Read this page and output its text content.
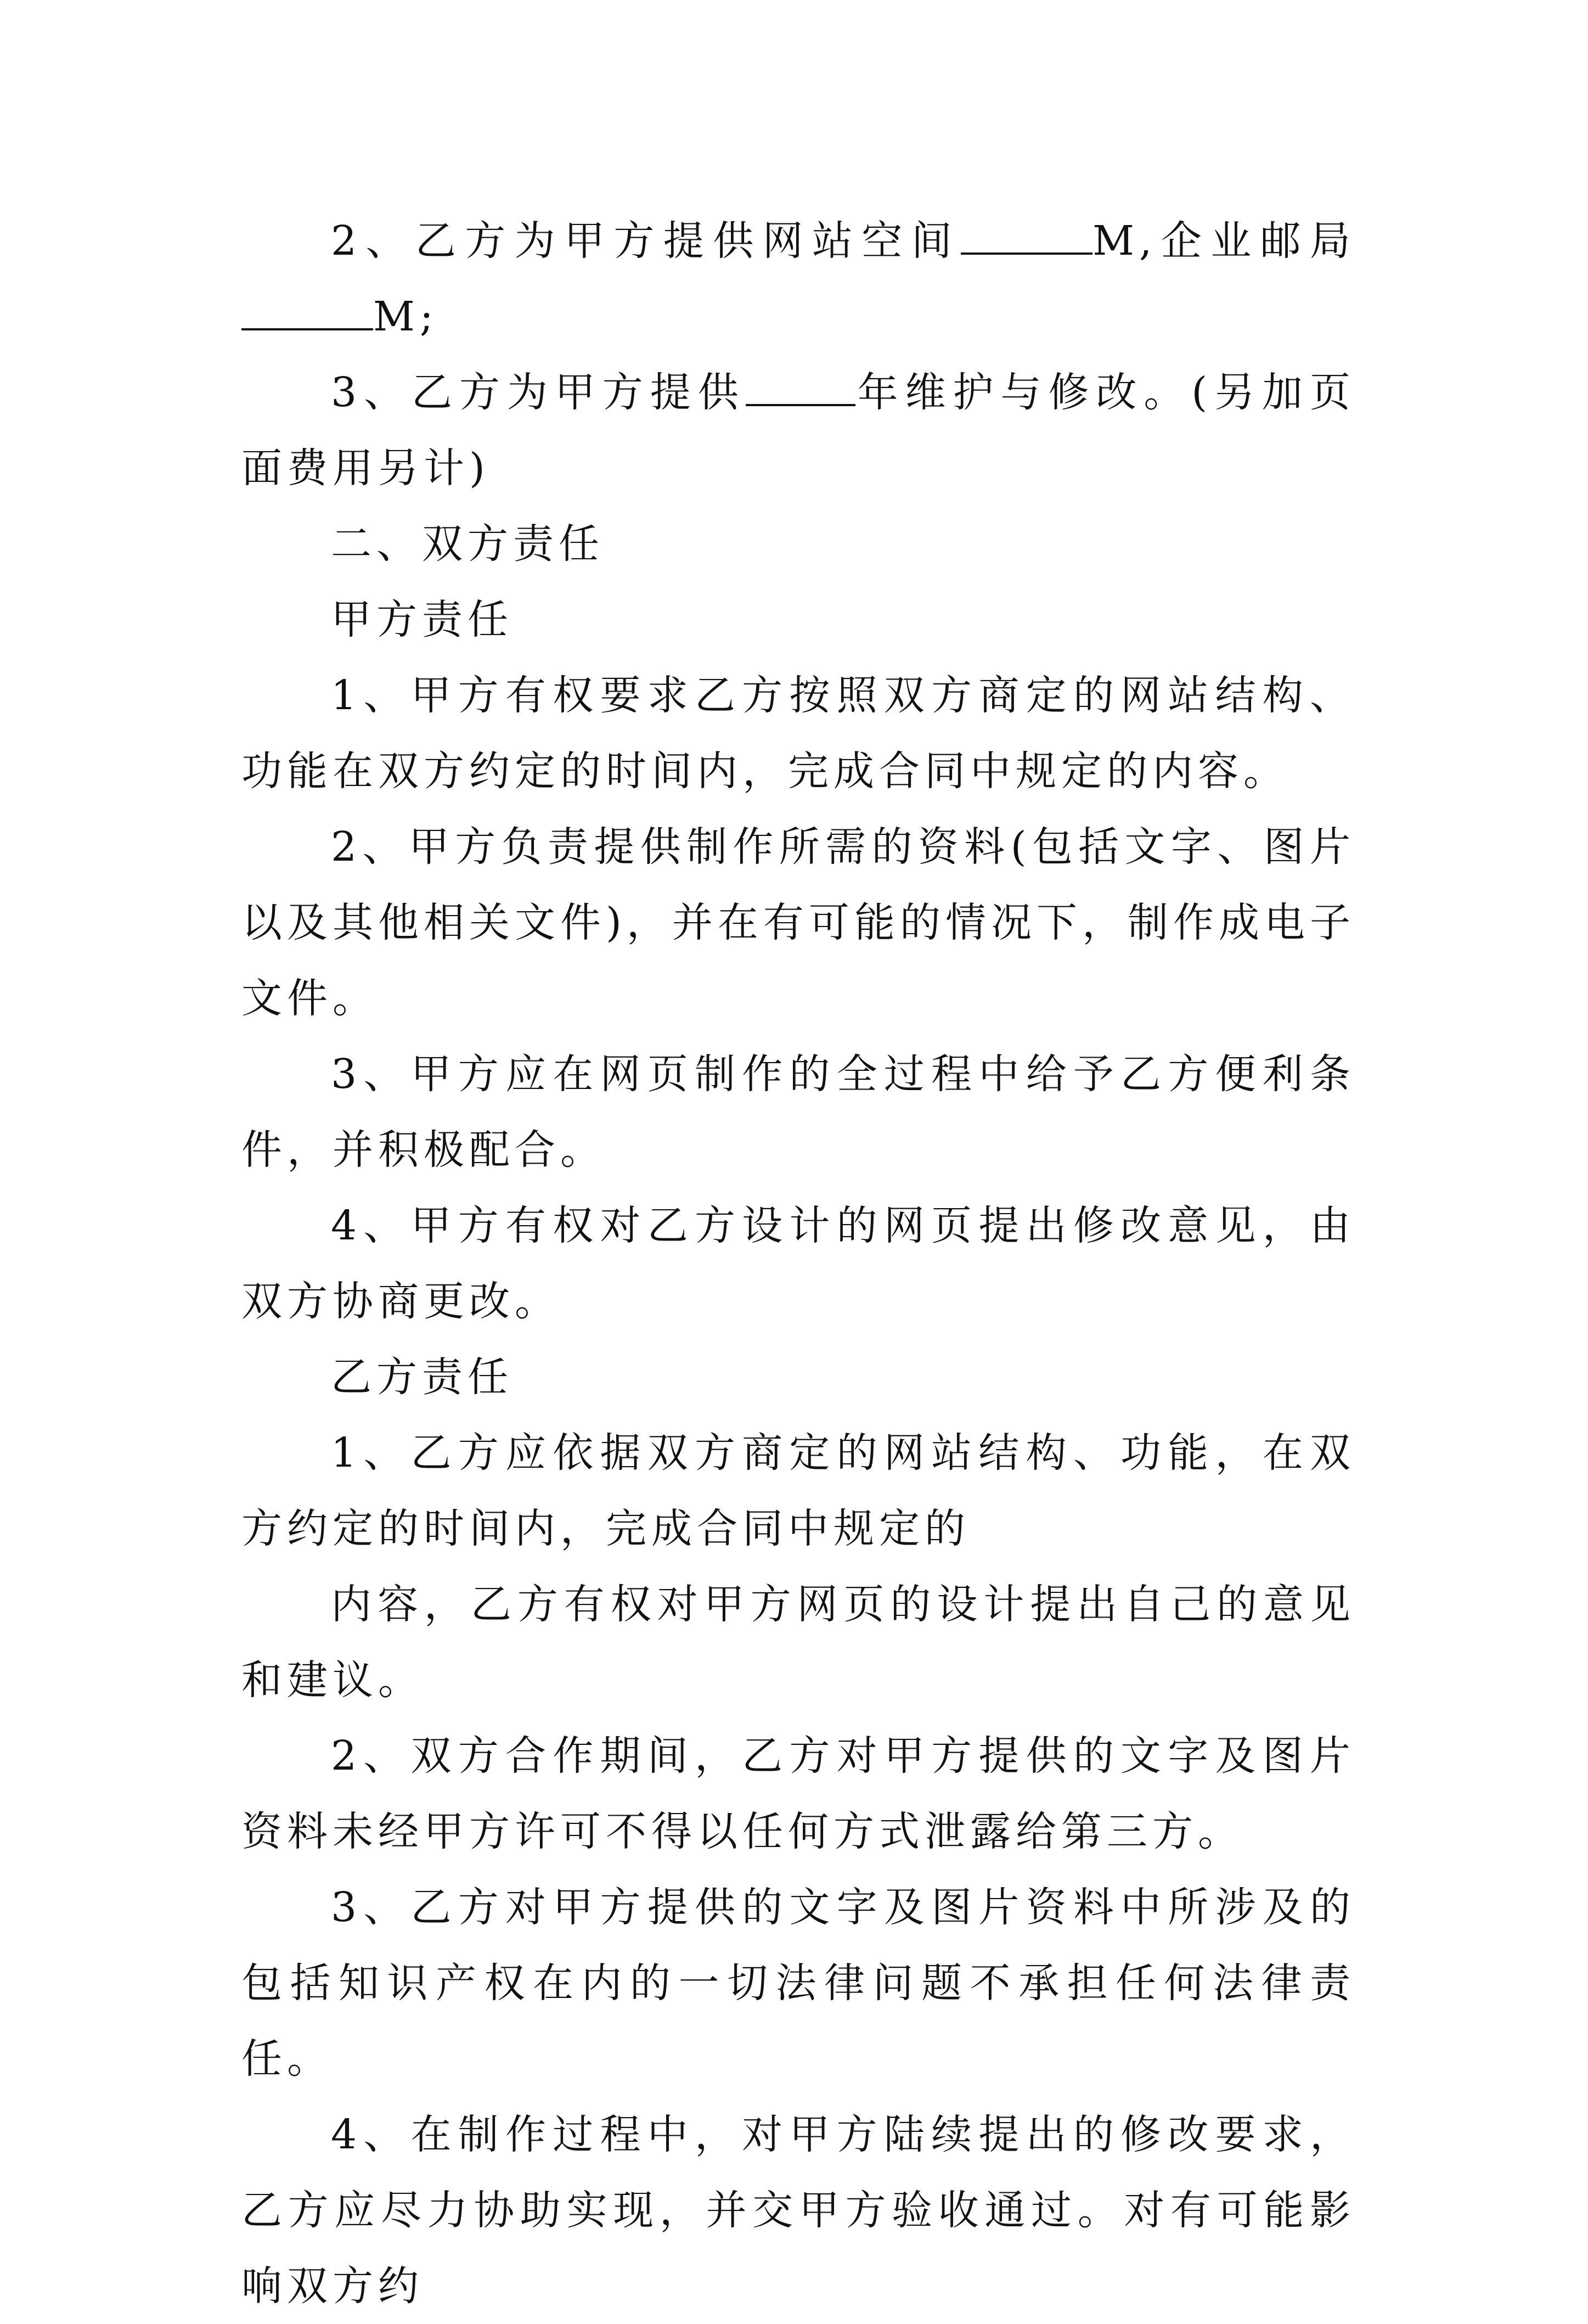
2、乙方为甲方提供网站空间	M,企业邮局M;

3、乙方为甲方提供	年维护与修改。(另加页面费用另计)

二、双方责任

甲方责任

1、甲方有权要求乙方按照双方商定的网站结构、功能在双方约定的时间内，完成合同中规定的内容。

2、甲方负责提供制作所需的资料(包括文字、图片以及其他相关文件)，并在有可能的情况下，制作成电子文件。

3、甲方应在网页制作的全过程中给予乙方便利条件，并积极配合。

4、甲方有权对乙方设计的网页提出修改意见，由双方协商更改。

乙方责任

1、乙方应依据双方商定的网站结构、功能，在双方约定的时间内，完成合同中规定的

内容，乙方有权对甲方网页的设计提出自己的意见和建议。

2、双方合作期间，乙方对甲方提供的文字及图片资料未经甲方许可不得以任何方式泄露给第三方。

3、乙方对甲方提供的文字及图片资料中所涉及的包括知识产权在内的一切法律问题不承担任何法律责任。

4、在制作过程中，对甲方陆续提出的修改要求，乙方应尽力协助实现，并交甲方验收通过。对有可能影响双方约
